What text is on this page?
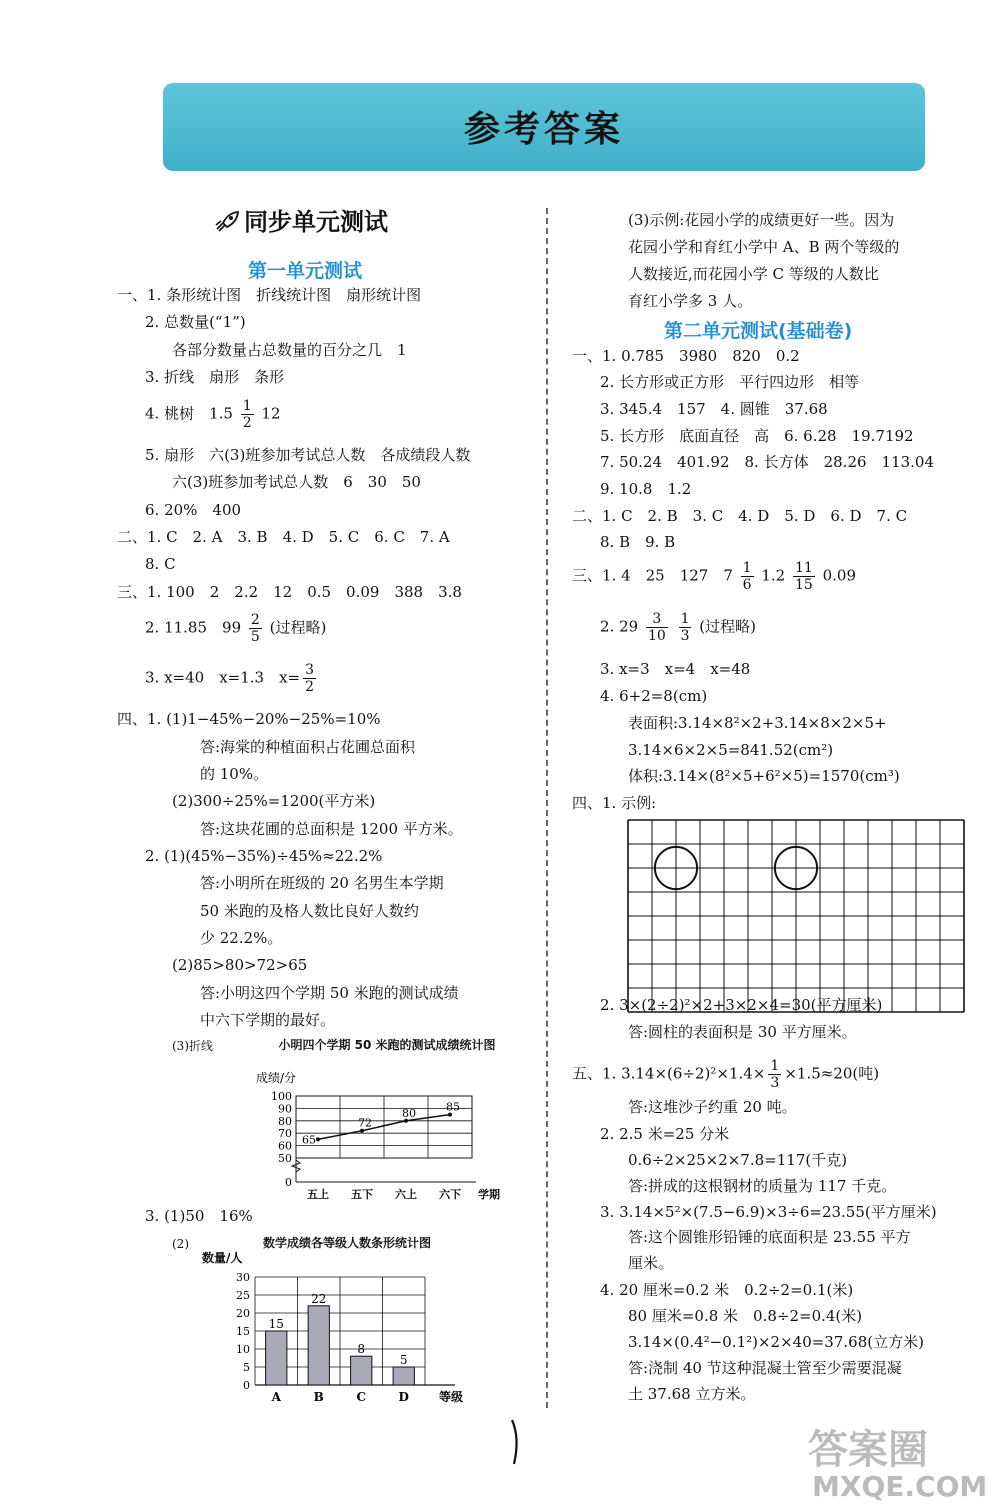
参考答案
同步单元测试
第一单元测试
一、1. 条形统计图　折线统计图　扇形统计图
2. 总数量(“1”)
各部分数量占总数量的百分之几　1
3. 折线　扇形　条形
4. 桃树　$1.5 \frac{1}{2} 12$
5. 扇形　六(3)班参加考试总人数　各成绩段人数
六(3)班参加考试总人数　6　30　50
6. 20%　400
二、1. C　2. A　3. B　4. D　5. C　6. C　7. A
8. C
三、1. 100　2　2.2　12　0.5　0.09　388　3.8
2. 11.85　$99 \frac{2}{5}$ (过程略)
3. x=40　x=1.3　$x= \frac{3}{2}$
四、1. (1)1−45%−20%−25%=10%
答:海棠的种植面积占花圃总面积
的 10%。
(2)300÷25%=1200(平方米)
答:这块花圃的总面积是 1200 平方米。
2. (1)(45%−35%)÷45%≈22.2%
答:小明所在班级的 20 名男生本学期
50 米跑的及格人数比良好人数约
少 22.2%。
(2)85>80>72>65
答:小明这四个学期 50 米跑的测试成绩
中六下学期的最好。
(3)折线
3. (1)50　16%
(2)
小明四个学期 50 米跑的测试成绩统计图
成绩/分
0
50
60
70
80
90
100
65
72
80	85
五上 五下 六上 六下 学期
数学成绩各等级人数条形统计图
数量/人
0
5
10
15
20
25
30
15
A
22
B
8
C
5
D	等级
(3)示例:花园小学的成绩更好一些。因为
花园小学和育红小学中 A、B 两个等级的
人数接近,而花园小学 C 等级的人数比
育红小学多 3 人。
第二单元测试(基础卷)
一、1. 0.785　3980　820　0.2
2. 长方形或正方形　平行四边形　相等
3. 345.4　157　4. 圆锥　37.68
5. 长方形　底面直径　高　6. 6.28　19.7192
7. 50.24　401.92　8. 长方体　28.26　113.04
9. 10.8　1.2
二、1. C　2. B　3. C　4. D　5. D　6. D　7. C
8. B　9. B
三、1. 4　25　127　$7 \frac{1}{6} 1.2 \frac{11}{15} 0.09$
2. $29 \frac{3}{10}$
$\frac{1}{3}$ (过程略)
3. x=3　x=4　x=48
4. 6+2=8(cm)
表面积:3.14×8²×2+3.14×8×2×5+
3.14×6×2×5=841.52(cm²)
体积:3.14×(8²×5+6²×5)=1570(cm³)
四、1. 示例:
2. 3×(2÷2)²×2+3×2×4=30(平方厘米)
答:圆柱的表面积是 30 平方厘米。
五、1. $3.14\times(6\div 2)^2\times 1.4\times \frac{1}{3} \times 1.5\approx 20$(吨)
答:这堆沙子约重 20 吨。
2. 2.5 米=25 分米
0.6÷2×25×2×7.8=117(千克)
答:拼成的这根钢材的质量为 117 千克。
3. 3.14×5²×(7.5−6.9)×3÷6=23.55(平方厘米)
答:这个圆锥形铅锤的底面积是 23.55 平方
厘米。
4. 20 厘米=0.2 米　0.2÷2=0.1(米)
80 厘米=0.8 米　0.8÷2=0.4(米)
3.14×(0.4²−0.1²)×2×40=37.68(立方米)
答:浇制 40 节这种混凝土管至少需要混凝
土 37.68 立方米。
答案圈
MXQE.COM
